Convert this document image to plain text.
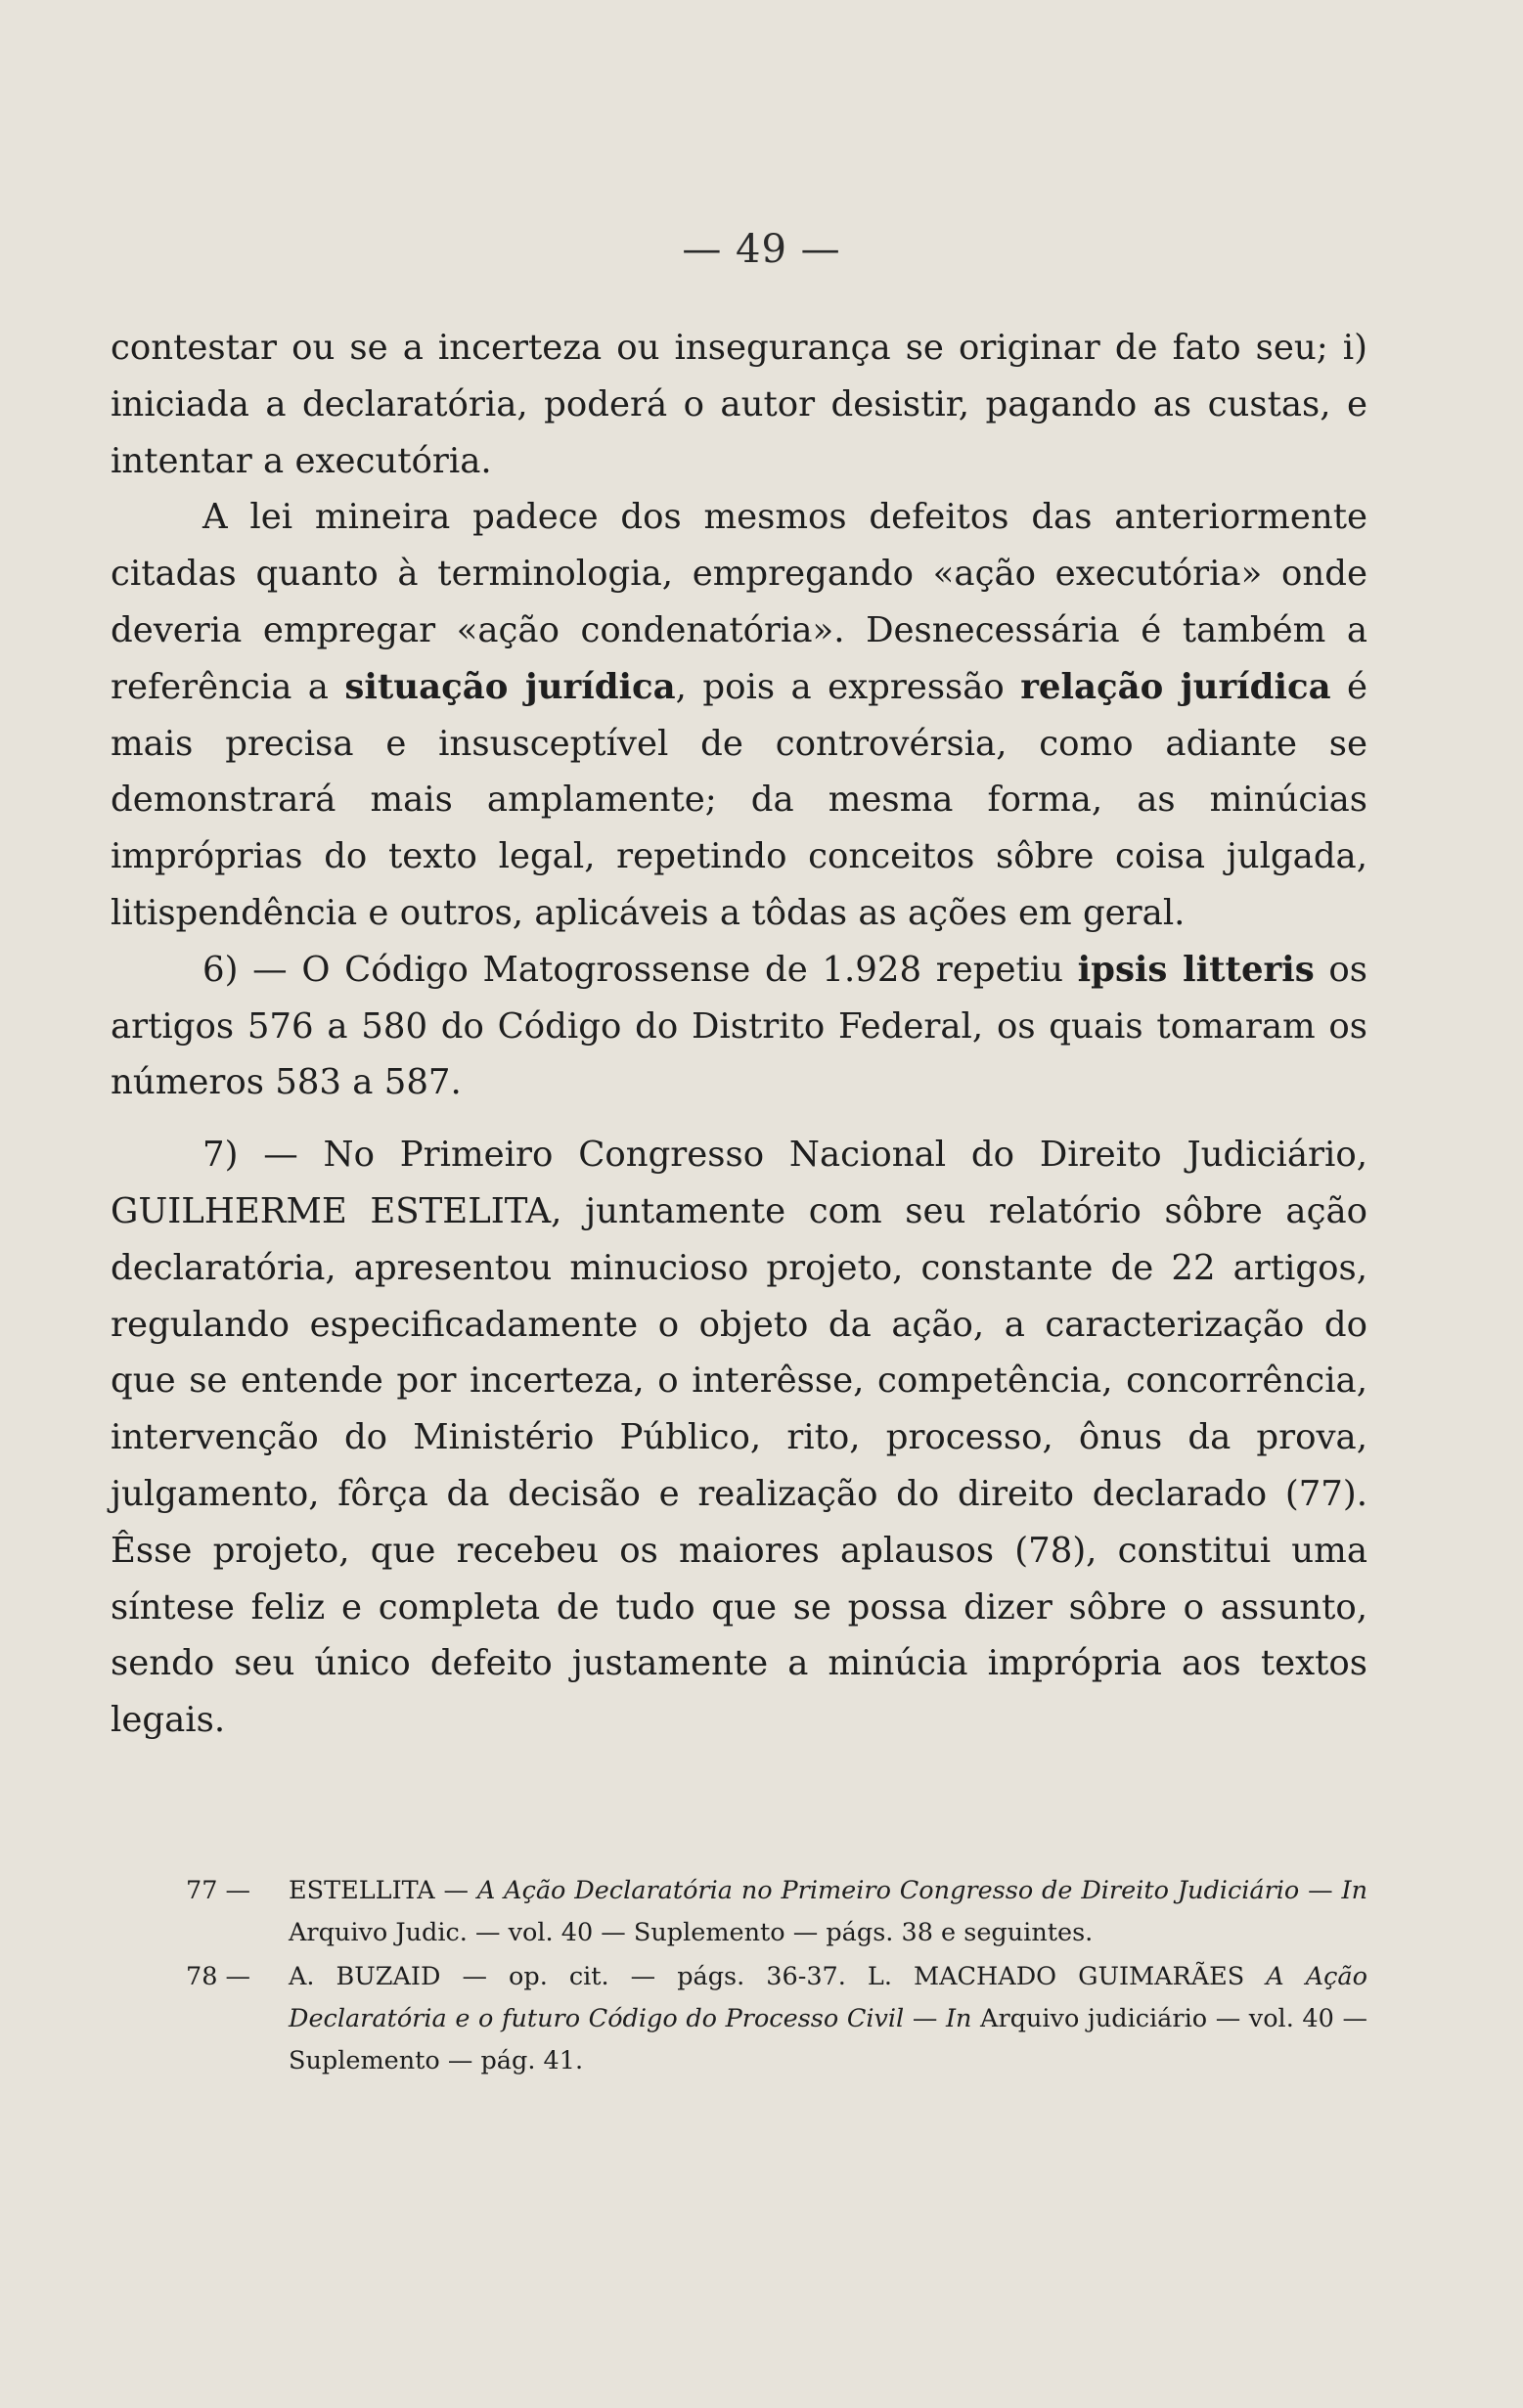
— 49 —

contestar ou se a incerteza ou insegurança se originar de fato seu; i) iniciada a declaratória, poderá o autor desistir, pagando as custas, e intentar a executória.

A lei mineira padece dos mesmos defeitos das anteriormente citadas quanto à terminologia, empregando «ação executória» onde deveria empregar «ação condenatória». Desnecessária é também a referência a situação jurídica, pois a expressão relação jurídica é mais precisa e insusceptível de controvérsia, como adiante se demonstrará mais amplamente; da mesma forma, as minúcias impróprias do texto legal, repetindo conceitos sôbre coisa julgada, litispendência e outros, aplicáveis a tôdas as ações em geral.

6) — O Código Matogrossense de 1.928 repetiu ipsis litteris os artigos 576 a 580 do Código do Distrito Federal, os quais tomaram os números 583 a 587.

7) — No Primeiro Congresso Nacional do Direito Judiciário, GUILHERME ESTELITA, juntamente com seu relatório sôbre ação declaratória, apresentou minucioso projeto, constante de 22 artigos, regulando especificadamente o objeto da ação, a caracterização do que se entende por incerteza, o interêsse, competência, concorrência, intervenção do Ministério Público, rito, processo, ônus da prova, julgamento, fôrça da decisão e realização do direito declarado (77). Êsse projeto, que recebeu os maiores aplausos (78), constitui uma síntese feliz e completa de tudo que se possa dizer sôbre o assunto, sendo seu único defeito justamente a minúcia imprópria aos textos legais.

77 — ESTELLITA — A Ação Declaratória no Primeiro Congresso de Direito Judiciário — In Arquivo Judic. — vol. 40 — Suplemento — págs. 38 e seguintes.

78 — A. BUZAID — op. cit. — págs. 36-37. L. MACHADO GUIMARÃES A Ação Declaratória e o futuro Código do Processo Civil — In Arquivo judiciário — vol. 40 — Suplemento — pág. 41.
